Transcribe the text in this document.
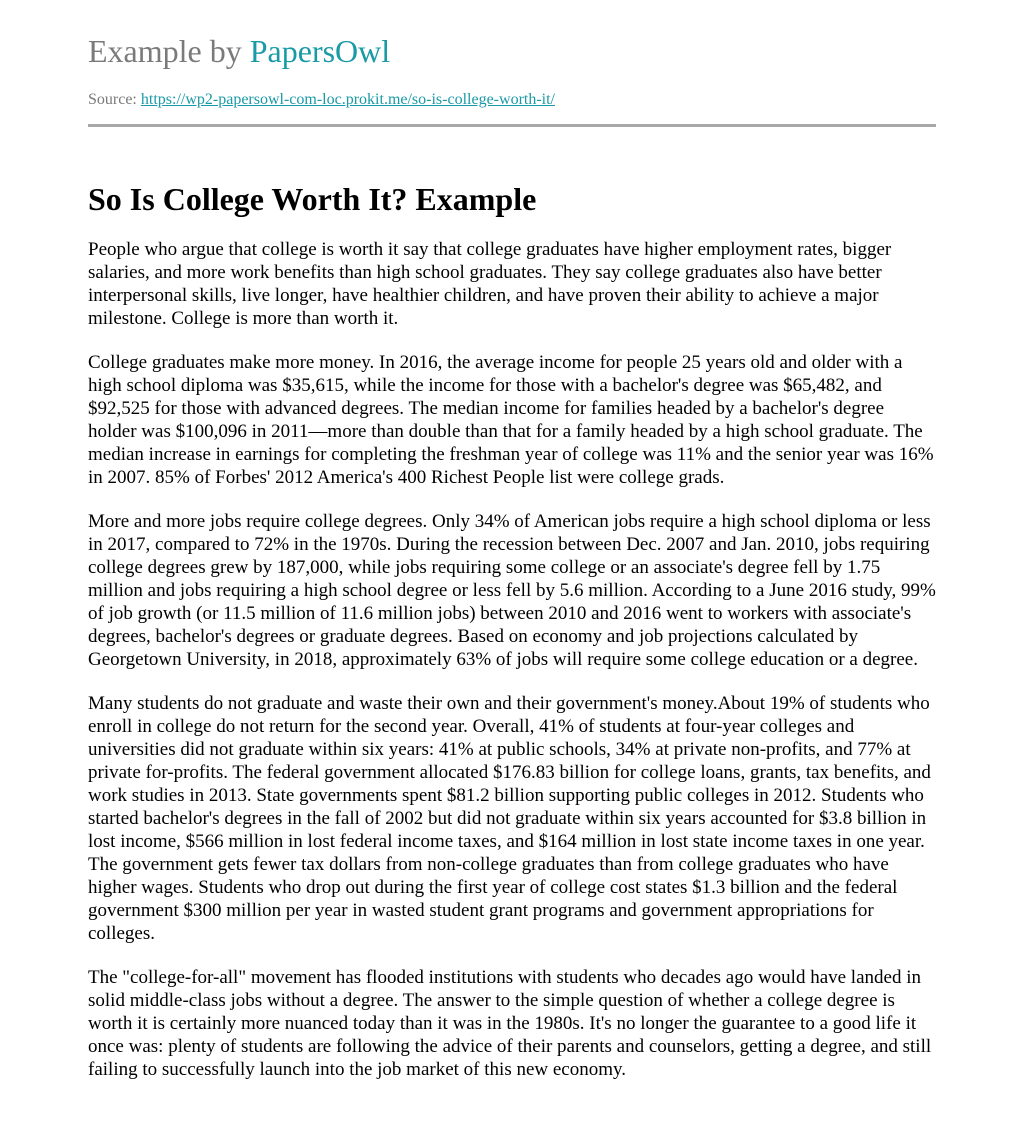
Example by PapersOwl
Source: https://wp2-papersowl-com-loc.prokit.me/so-is-college-worth-it/
So Is College Worth It? Example

People who argue that college is worth it say that college graduates have higher employment rates, bigger salaries, and more work benefits than high school graduates. They say college graduates also have better interpersonal skills, live longer, have healthier children, and have proven their ability to achieve a major milestone. College is more than worth it.

College graduates make more money. In 2016, the average income for people 25 years old and older with a high school diploma was $35,615, while the income for those with a bachelor's degree was $65,482, and $92,525 for those with advanced degrees. The median income for families headed by a bachelor's degree holder was $100,096 in 2011—more than double than that for a family headed by a high school graduate. The median increase in earnings for completing the freshman year of college was 11% and the senior year was 16% in 2007. 85% of Forbes' 2012 America's 400 Richest People list were college grads.

More and more jobs require college degrees. Only 34% of American jobs require a high school diploma or less in 2017, compared to 72% in the 1970s. During the recession between Dec. 2007 and Jan. 2010, jobs requiring college degrees grew by 187,000, while jobs requiring some college or an associate's degree fell by 1.75 million and jobs requiring a high school degree or less fell by 5.6 million. According to a June 2016 study, 99% of job growth (or 11.5 million of 11.6 million jobs) between 2010 and 2016 went to workers with associate's degrees, bachelor's degrees or graduate degrees. Based on economy and job projections calculated by Georgetown University, in 2018, approximately 63% of jobs will require some college education or a degree.

Many students do not graduate and waste their own and their government's money.About 19% of students who enroll in college do not return for the second year. Overall, 41% of students at four-year colleges and universities did not graduate within six years: 41% at public schools, 34% at private non-profits, and 77% at private for-profits. The federal government allocated $176.83 billion for college loans, grants, tax benefits, and work studies in 2013. State governments spent $81.2 billion supporting public colleges in 2012. Students who started bachelor's degrees in the fall of 2002 but did not graduate within six years accounted for $3.8 billion in lost income, $566 million in lost federal income taxes, and $164 million in lost state income taxes in one year. The government gets fewer tax dollars from non-college graduates than from college graduates who have higher wages. Students who drop out during the first year of college cost states $1.3 billion and the federal government $300 million per year in wasted student grant programs and government appropriations for colleges.

The "college-for-all" movement has flooded institutions with students who decades ago would have landed in solid middle-class jobs without a degree. The answer to the simple question of whether a college degree is worth it is certainly more nuanced today than it was in the 1980s. It's no longer the guarantee to a good life it once was: plenty of students are following the advice of their parents and counselors, getting a degree, and still failing to successfully launch into the job market of this new economy.
